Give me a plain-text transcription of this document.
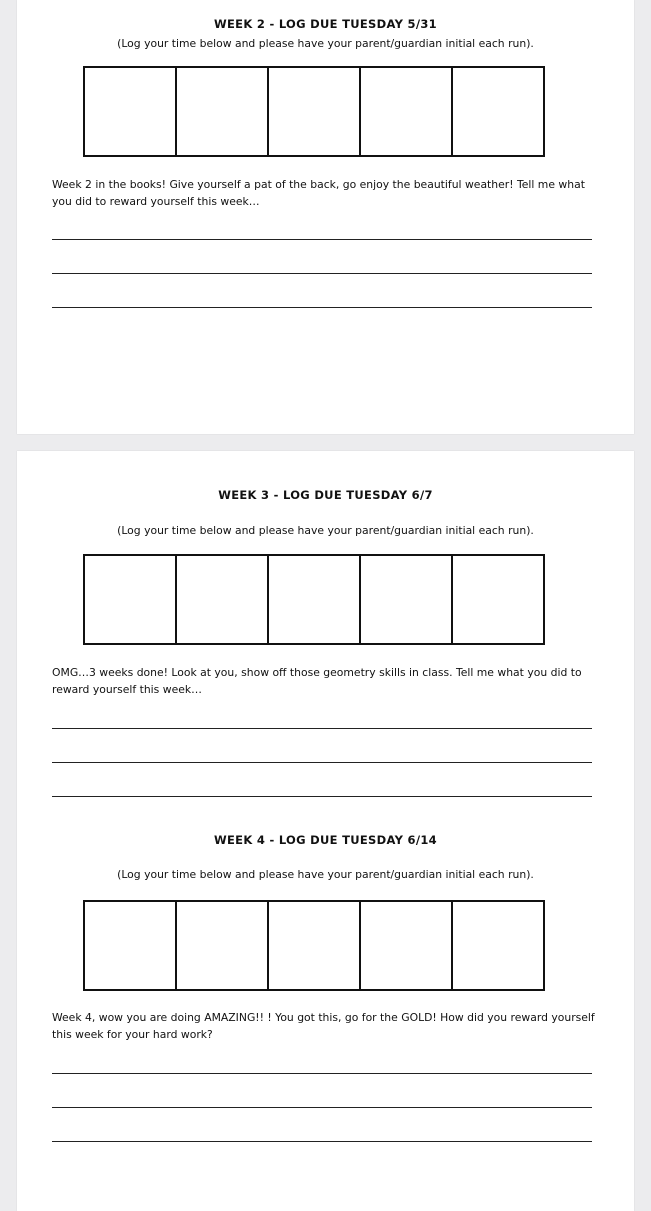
WEEK 2 - LOG DUE TUESDAY 5/31
(Log your time below and please have your parent/guardian initial each run).
Week 2 in the books! Give yourself a pat of the back, go enjoy the beautiful weather! Tell me what you did to reward yourself this week…
WEEK 3 - LOG DUE TUESDAY 6/7
(Log your time below and please have your parent/guardian initial each run).
OMG…3 weeks done! Look at you, show off those geometry skills in class. Tell me what you did to reward yourself this week…
WEEK 4 - LOG DUE TUESDAY 6/14
(Log your time below and please have your parent/guardian initial each run).
Week 4, wow you are doing AMAZING!! ! You got this, go for the GOLD! How did you reward yourself this week for your hard work?
